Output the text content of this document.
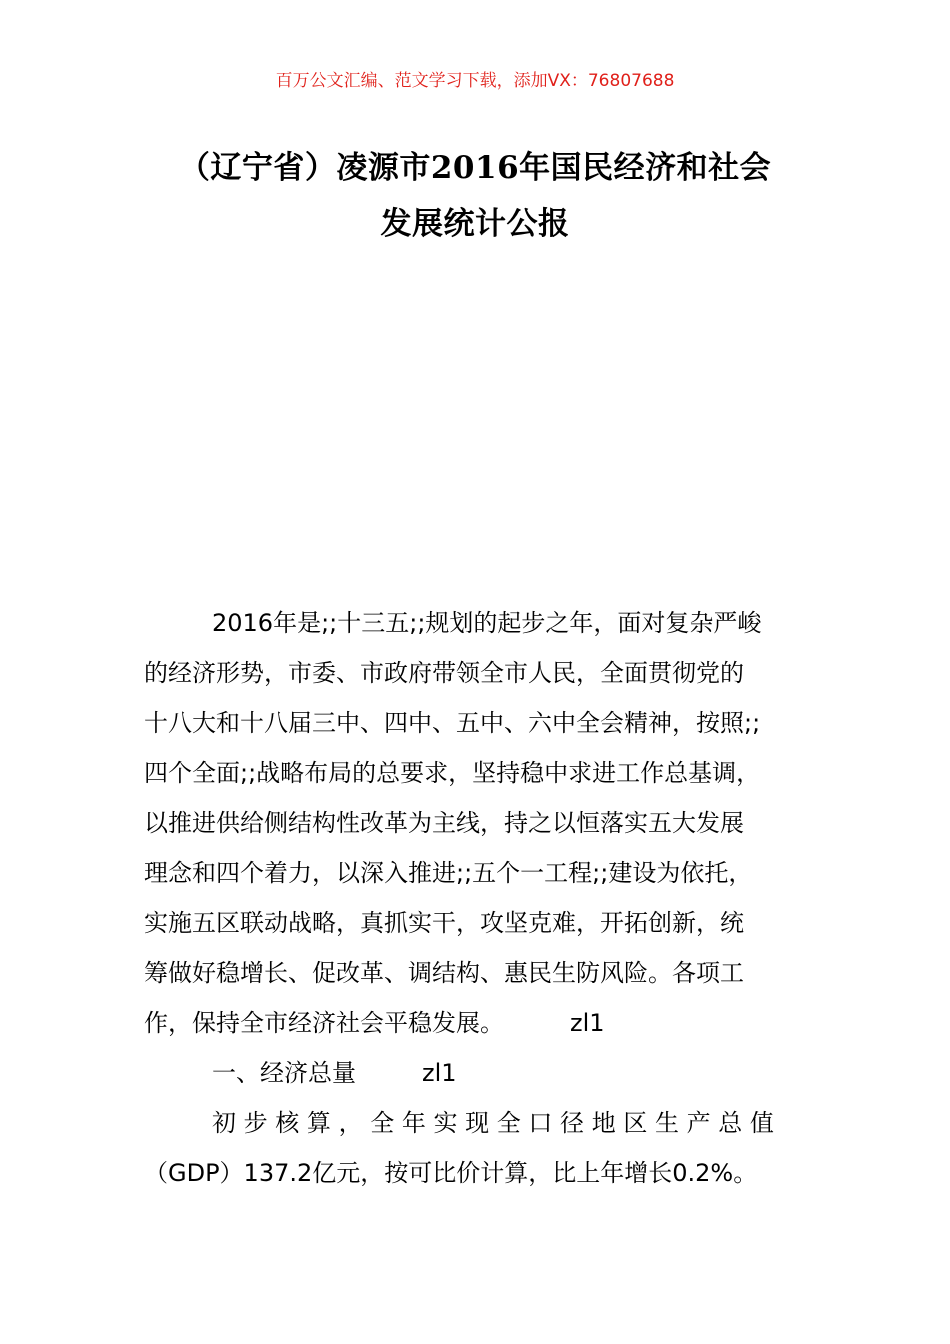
百万公文汇编、范文学习下载，添加VX：76807688
（辽宁省）凌源市2016年国民经济和社会
发展统计公报
2016年是;;十三五;;规划的起步之年，面对复杂严峻
的经济形势，市委、市政府带领全市人民，全面贯彻党的
十八大和十八届三中、四中、五中、六中全会精神，按照;;
四个全面;;战略布局的总要求，坚持稳中求进工作总基调，
以推进供给侧结构性改革为主线，持之以恒落实五大发展
理念和四个着力，以深入推进;;五个一工程;;建设为依托，
实施五区联动战略，真抓实干，攻坚克难，开拓创新，统
筹做好稳增长、促改革、调结构、惠民生防风险。各项工
作，保持全市经济社会平稳发展。	zl1
一、经济总量	zl1
初 步 核 算 ， 全 年 实 现 全 口 径 地 区 生 产 总 值
（GDP）137.2亿元，按可比价计算，比上年增长0.2%。
